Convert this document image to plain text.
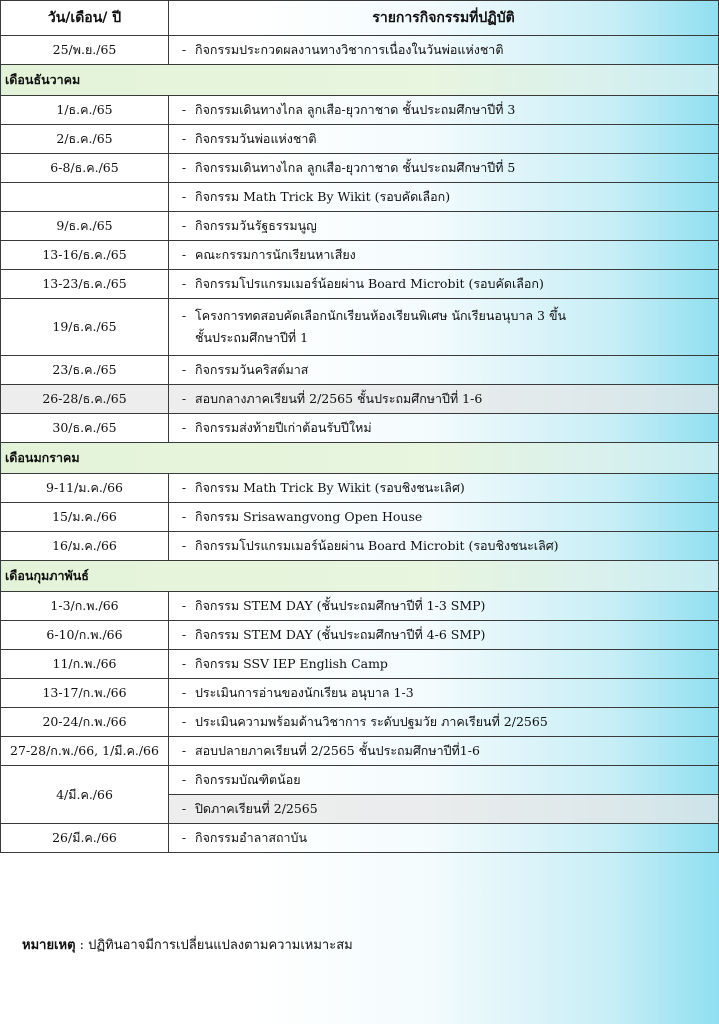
วัน/เดือน/ ปี	รายการกิจกรรมที่ปฏิบัติ
25/พ.ย./65	- กิจกรรมประกวดผลงานทางวิชาการเนื่องในวันพ่อแห่งชาติ

เดือนธันวาคม	
1/ธ.ค./65	- กิจกรรมเดินทางไกล ลูกเสือ-ยุวกาชาด ชั้นประถมศึกษาปีที่ 3

2/ธ.ค./65	- กิจกรรมวันพ่อแห่งชาติ

6-8/ธ.ค./65	- กิจกรรมเดินทางไกล ลูกเสือ-ยุวกาชาด ชั้นประถมศึกษาปีที่ 5

	- กิจกรรม Math Trick By Wikit (รอบคัดเลือก)

9/ธ.ค./65	- กิจกรรมวันรัฐธรรมนูญ

13-16/ธ.ค./65	- คณะกรรมการนักเรียนหาเสียง

13-23/ธ.ค./65	- กิจกรรมโปรแกรมเมอร์น้อยผ่าน Board Microbit (รอบคัดเลือก)

19/ธ.ค./65	- โครงการทดสอบคัดเลือกนักเรียนห้องเรียนพิเศษ นักเรียนอนุบาล 3 ขึ้น
ชั้นประถมศึกษาปีที่ 1

23/ธ.ค./65	- กิจกรรมวันคริสต์มาส

26-28/ธ.ค./65	- สอบกลางภาคเรียนที่ 2/2565 ชั้นประถมศึกษาปีที่ 1-6

30/ธ.ค./65	- กิจกรรมส่งท้ายปีเก่าต้อนรับปีใหม่

เดือนมกราคม	
9-11/ม.ค./66	- กิจกรรม Math Trick By Wikit (รอบชิงชนะเลิศ)

15/ม.ค./66	- กิจกรรม Srisawangvong Open House

16/ม.ค./66	- กิจกรรมโปรแกรมเมอร์น้อยผ่าน Board Microbit (รอบชิงชนะเลิศ)

เดือนกุมภาพันธ์	
1-3/ก.พ./66	- กิจกรรม STEM DAY (ชั้นประถมศึกษาปีที่ 1-3 SMP)

6-10/ก.พ./66	- กิจกรรม STEM DAY (ชั้นประถมศึกษาปีที่ 4-6 SMP)

11/ก.พ./66	- กิจกรรม SSV IEP English Camp

13-17/ก.พ./66	- ประเมินการอ่านของนักเรียน อนุบาล 1-3

20-24/ก.พ./66	- ประเมินความพร้อมด้านวิชาการ ระดับปฐมวัย ภาคเรียนที่ 2/2565

27-28/ก.พ./66, 1/มี.ค./66	- สอบปลายภาคเรียนที่ 2/2565 ชั้นประถมศึกษาปีที่1-6

4/มี.ค./66	- กิจกรรมบัณฑิตน้อย

	- ปิดภาคเรียนที่ 2/2565

26/มี.ค./66	- กิจกรรมอำลาสถาบัน
หมายเหตุ : ปฏิทินอาจมีการเปลี่ยนแปลงตามความเหมาะสม
